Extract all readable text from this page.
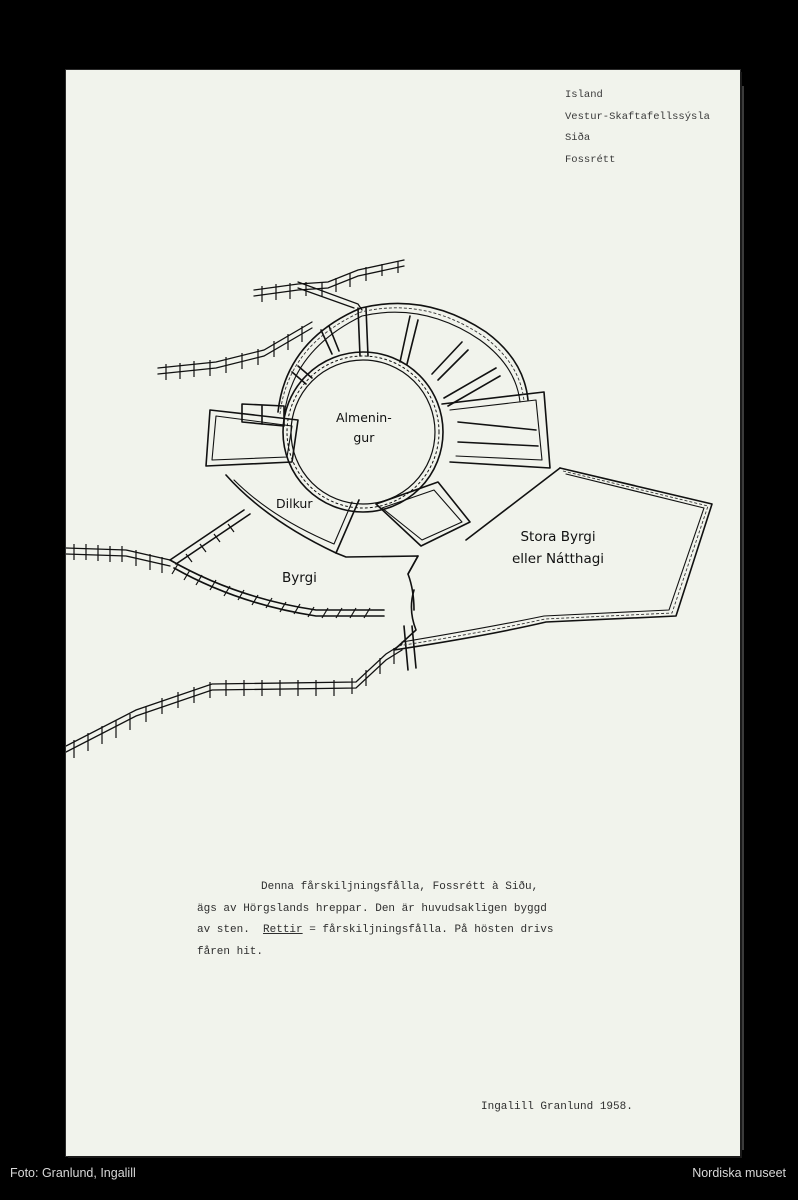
Island
Vestur-Skaftafellssýsla
Siða
Fossrétt
Almenin-
gur
Dilkur
Byrgi
Stora Byrgi
eller Nátthagi
Denna fårskiljningsfålla, Fossrétt à Siðu,
ägs av Hörgslands hreppar. Den är huvudsakligen byggd
av sten. Rettir = fårskiljningsfålla. På hösten drivs
fåren hit.
Ingalill Granlund 1958.
Foto: Granlund, Ingalill	Nordiska museet
